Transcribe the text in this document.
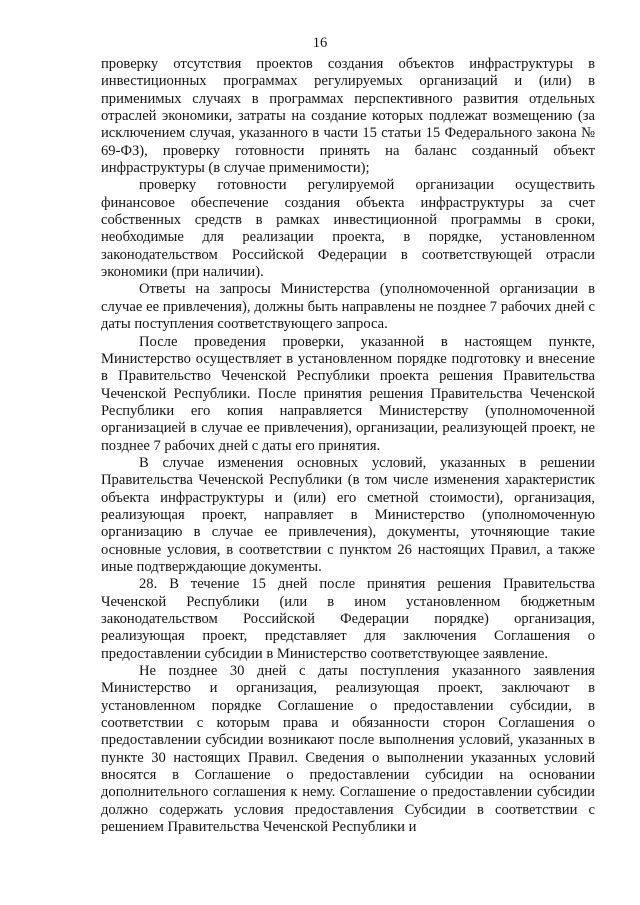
16

проверку отсутствия проектов создания объектов инфраструктуры в инвестиционных программах регулируемых организаций и (или) в применимых случаях в программах перспективного развития отдельных отраслей экономики, затраты на создание которых подлежат возмещению (за исключением случая, указанного в части 15 статьи 15 Федерального закона № 69-ФЗ), проверку готовности принять на баланс созданный объект инфраструктуры (в случае применимости);

проверку готовности регулируемой организации осуществить финансовое обеспечение создания объекта инфраструктуры за счет собственных средств в рамках инвестиционной программы в сроки, необходимые для реализации проекта, в порядке, установленном законодательством Российской Федерации в соответствующей отрасли экономики (при наличии).

Ответы на запросы Министерства (уполномоченной организации в случае ее привлечения), должны быть направлены не позднее 7 рабочих дней с даты поступления соответствующего запроса.

После проведения проверки, указанной в настоящем пункте, Министерство осуществляет в установленном порядке подготовку и внесение в Правительство Чеченской Республики проекта решения Правительства Чеченской Республики. После принятия решения Правительства Чеченской Республики его копия направляется Министерству (уполномоченной организацией в случае ее привлечения), организации, реализующей проект, не позднее 7 рабочих дней с даты его принятия.

В случае изменения основных условий, указанных в решении Правительства Чеченской Республики (в том числе изменения характеристик объекта инфраструктуры и (или) его сметной стоимости), организация, реализующая проект, направляет в Министерство (уполномоченную организацию в случае ее привлечения), документы, уточняющие такие основные условия, в соответствии с пунктом 26 настоящих Правил, а также иные подтверждающие документы.

28. В течение 15 дней после принятия решения Правительства Чеченской Республики (или в ином установленном бюджетным законодательством Российской Федерации порядке) организация, реализующая проект, представляет для заключения Соглашения о предоставлении субсидии в Министерство соответствующее заявление.

Не позднее 30 дней с даты поступления указанного заявления Министерство и организация, реализующая проект, заключают в установленном порядке Соглашение о предоставлении субсидии, в соответствии с которым права и обязанности сторон Соглашения о предоставлении субсидии возникают после выполнения условий, указанных в пункте 30 настоящих Правил. Сведения о выполнении указанных условий вносятся в Соглашение о предоставлении субсидии на основании дополнительного соглашения к нему. Соглашение о предоставлении субсидии должно содержать условия предоставления Субсидии в соответствии с решением Правительства Чеченской Республики и
